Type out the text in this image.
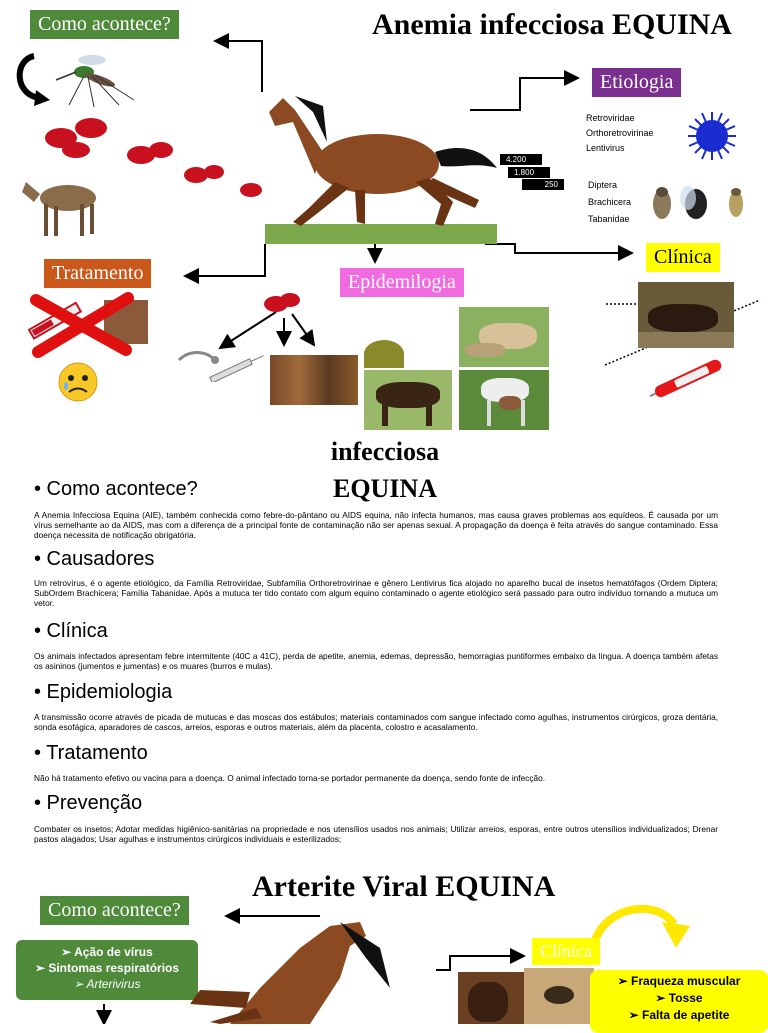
Anemia infecciosa EQUINA
Como acontece?
Etiologia
Tratamento	Epidemilogia
Clínica
4.200
1.800
250
Retroviridae
Orthoretrovirinae
Lentivirus
Diptera
Brachicera
Tabanidae
infecciosa
EQUINA
• Como acontece?
A Anemia Infecciosa Equina (AIE), também conhecida como febre-do-pântano ou AIDS equina, não infecta humanos, mas causa graves problemas aos equídeos. É causada por um vírus semelhante ao da AIDS, mas com a diferença de a principal fonte de contaminação não ser apenas sexual. A propagação da doença é feita através do sangue contaminado. Essa doença necessita de notificação obrigatória.
• Causadores
Um retrovírus, é o agente etiológico, da Família Retroviridae, Subfamília Orthoretrovirinae e gênero Lentivirus fica alojado no aparelho bucal de insetos hematófagos (Ordem Diptera; SubOrdem Brachicera; Família Tabanidae. Após a mutuca ter tido contato com algum equino contaminado o agente etiológico será passado para outro indivíduo tornando a mutuca um vetor.
• Clínica
Os animais infectados apresentam febre intermitente (40C a 41C), perda de apetite, anemia, edemas, depressão, hemorragias puntiformes embaixo da língua. A doença também afetas os asininos (jumentos e jumentas) e os muares (burros e mulas).
• Epidemiologia
A transmissão ocorre através de picada de mutucas e das moscas dos estábulos; materiais contaminados com sangue infectado como agulhas, instrumentos cirúrgicos, groza dentária, sonda esofágica, aparadores de cascos, arreios, esporas e outros materiais, além da placenta, colostro e acasalamento.
• Tratamento
Não há tratamento efetivo ou vacina para a doença. O animal infectado torna-se portador permanente da doença, sendo fonte de infecção.
• Prevenção
Combater os insetos; Adotar medidas higiênico-sanitárias na propriedade e nos utensílios usados nos animais; Utilizar arreios, esporas, entre outros utensílios individualizados; Drenar pastos alagados; Usar agulhas e instrumentos cirúrgicos individuais e esterilizados;
Arterite Viral EQUINA
Como acontece?
➢ Ação de vírus
➢ Sintomas respiratórios
➢ Arterivirus
Clínica
➢ Fraqueza muscular
➢ Tosse
➢ Falta de apetite
